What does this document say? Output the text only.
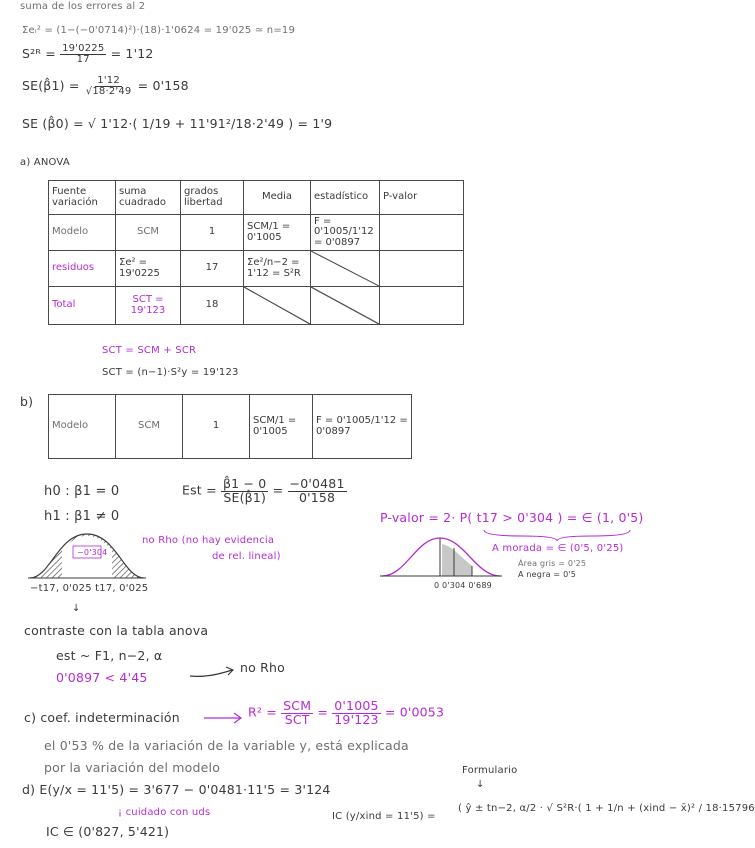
suma de los errores al 2
Σeᵢ² = (1−(−0'0714)²)·(18)·1'0624 = 19'025 ≃ n=19
S²ᴿ = $\frac{19'0225}{17} = 1'12$
SE(β̂1) = $\frac{1'12}{√18\cdot 2'49} = 0'158$
SE (β̂0) = √ 1'12·( 1/19 + 11'91²/18·2'49 ) = 1'9
a) ANOVA
Fuente variación	suma cuadrado	grados libertad	Media	estadístico	P-valor
Modelo	SCM	1	SCM/1 = 0'1005	F = 0'1005/1'12 = 0'0897	
residuos	Σe² = 19'0225	17	Σe²/n−2 = 1'12 = S²R	

Total	SCT = 19'123	18	

SCT = SCM + SCR
SCT = (n−1)·S²y = 19'123
b)
Modelo	SCM	1	SCM/1 = 0'1005	F = 0'1005/1'12 = 0'0897
h0 : β1 = 0
h1 : β1 ≠ 0
Est = $\frac{\betâ1 - 0}{SE(\betâ1)} = \frac{-0'0481}{0'158}$
−0'304
−t17, 0'025 t17, 0'025
↓
no Rho (no hay evidencia
de rel. lineal)
P-valor = 2· P( t17 > 0'304 ) = ∈ (1, 0'5)
A morada = ∈ (0'5, 0'25)
Área gris = 0'25
A negra = 0'5
0 0'304 0'689
contraste con la tabla anova
est ~ F1, n−2, α
0'0897 < 4'45
no Rho
c) coef. indeterminación	$R^2 = \frac{\text{SCM}}{\text{SCT}} = \frac{0'1005}{19'123} = 0'0053$
el 0'53 % de la variación de la variable y, está explicada
por la variación del modelo
d) E(y/x = 11'5) = 3'677 − 0'0481·11'5 = 3'124
¡ cuidado con uds
IC ∈ (0'827, 5'421)
Formulario
↓
IC (y/xind = 11'5) =
( ŷ ± tn−2, α/2 · √ S²R·( 1 + 1/n + (xind − x̄)² / 18·15796
